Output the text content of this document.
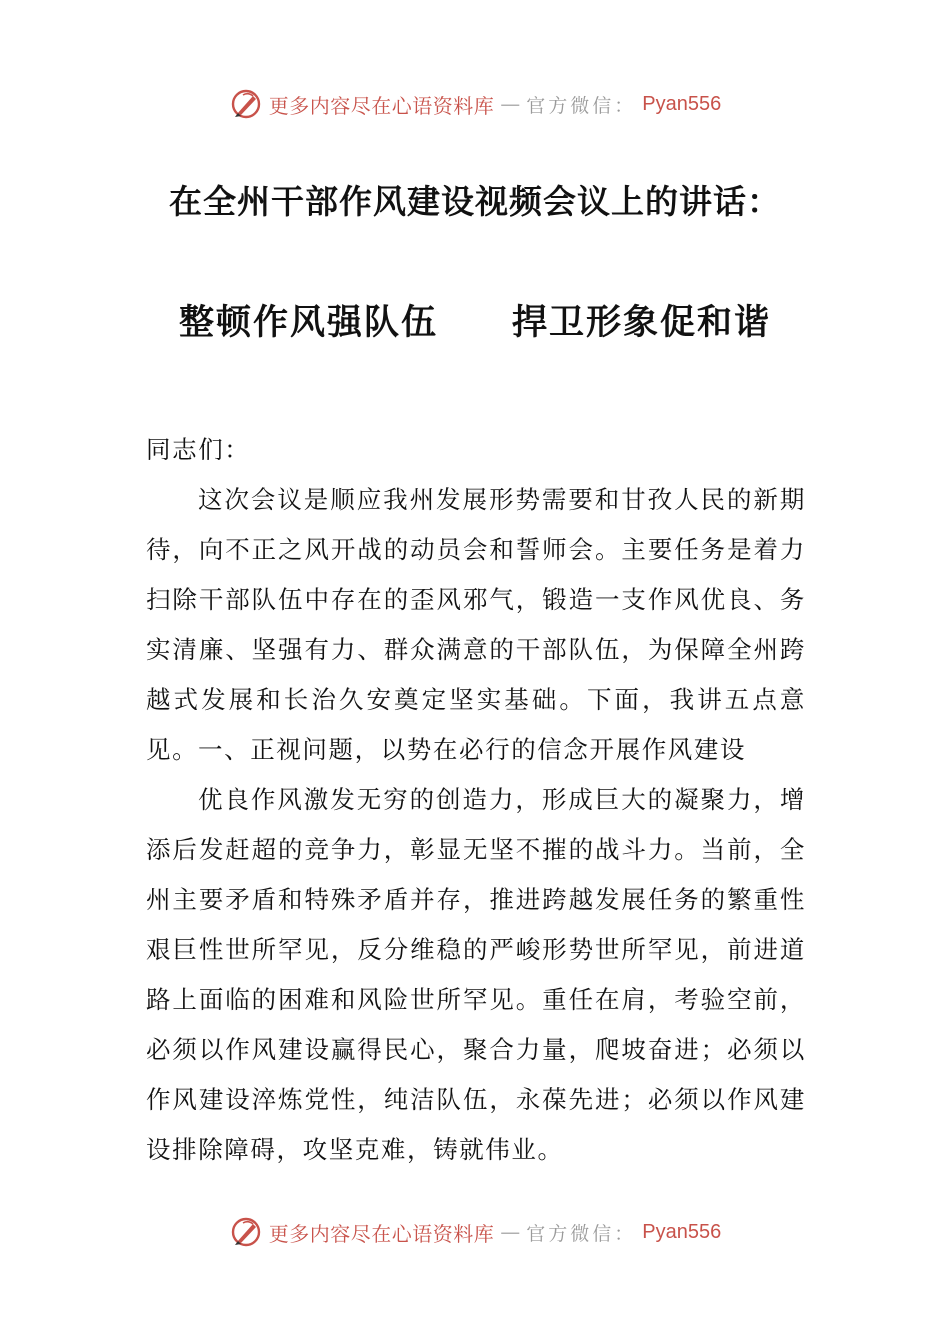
更多内容尽在心语资料库 — 官方微信： Pyan556
在全州干部作风建设视频会议上的讲话：
整顿作风强队伍 捍卫形象促和谐
同志们：

这次会议是顺应我州发展形势需要和甘孜人民的新期待，向不正之风开战的动员会和誓师会。主要任务是着力扫除干部队伍中存在的歪风邪气，锻造一支作风优良、务实清廉、坚强有力、群众满意的干部队伍，为保障全州跨越式发展和长治久安奠定坚实基础。下面，我讲五点意见。 一、正视问题，以势在必行的信念开展作风建设

优良作风激发无穷的创造力，形成巨大的凝聚力，增添后发赶超的竞争力，彰显无坚不摧的战斗力。当前，全州主要矛盾和特殊矛盾并存，推进跨越发展任务的繁重性艰巨性世所罕见，反分维稳的严峻形势世所罕见，前进道路上面临的困难和风险世所罕见。重任在肩，考验空前，必须以作风建设赢得民心，聚合力量，爬坡奋进；必须以作风建设淬炼党性，纯洁队伍，永葆先进；必须以作风建设排除障碍，攻坚克难，铸就伟业。

更多内容尽在心语资料库 — 官方微信： Pyan556
